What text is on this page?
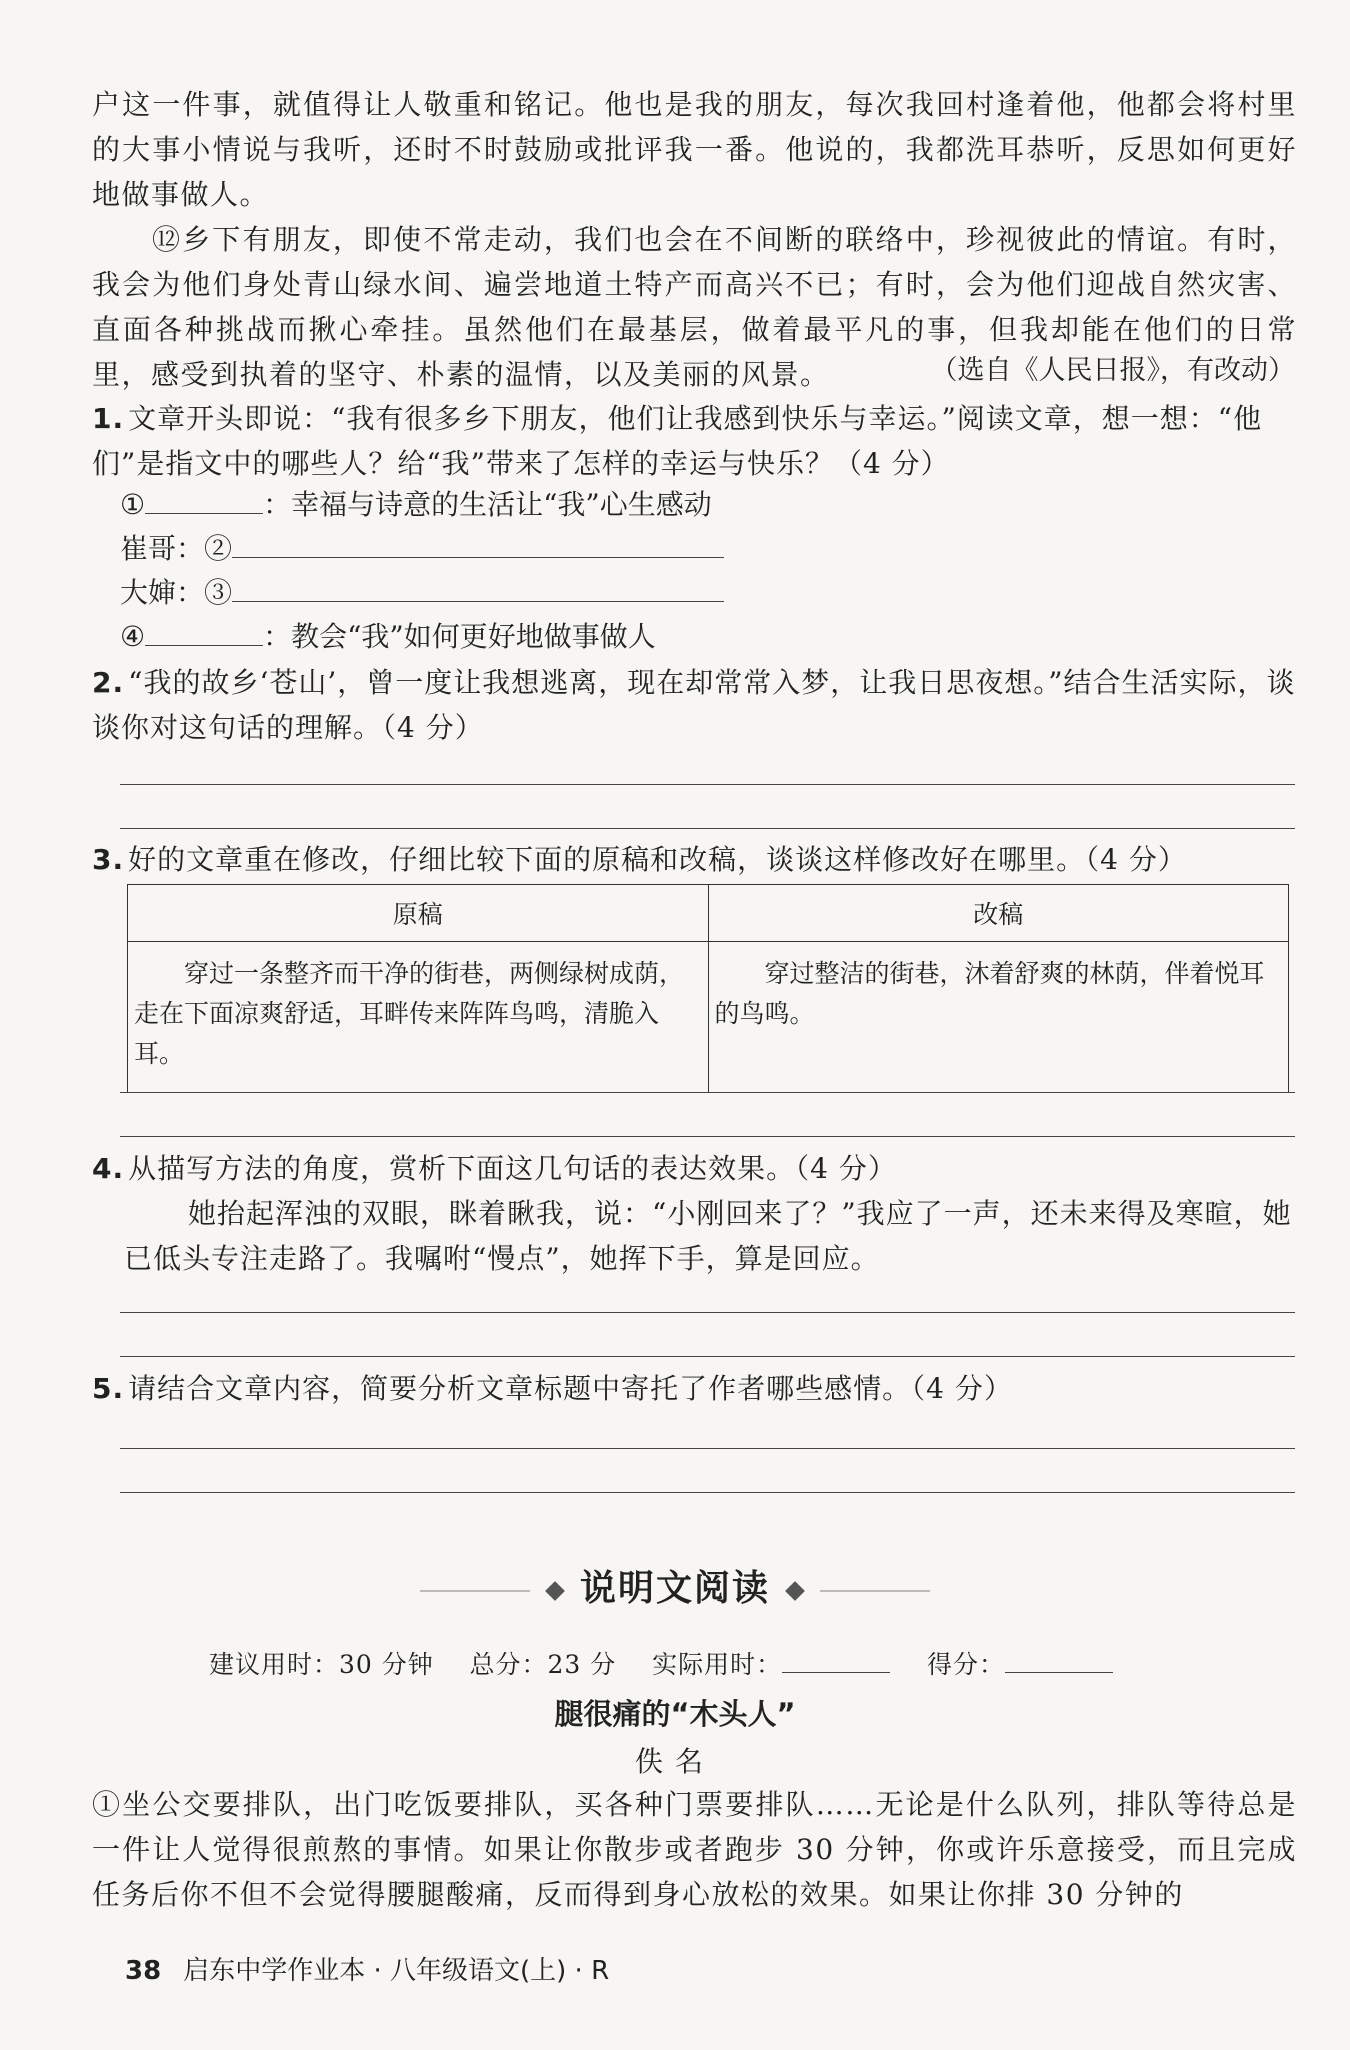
户这一件事，就值得让人敬重和铭记。他也是我的朋友，每次我回村逢着他，他都会将村里的大事小情说与我听，还时不时鼓励或批评我一番。他说的，我都洗耳恭听，反思如何更好地做事做人。

⑫乡下有朋友，即使不常走动，我们也会在不间断的联络中，珍视彼此的情谊。有时，我会为他们身处青山绿水间、遍尝地道土特产而高兴不已；有时，会为他们迎战自然灾害、直面各种挑战而揪心牵挂。虽然他们在最基层，做着最平凡的事，但我却能在他们的日常里，感受到执着的坚守、朴素的温情，以及美丽的风景。	（选自《人民日报》，有改动）

1. 文章开头即说：“我有很多乡下朋友，他们让我感到快乐与幸运。”阅读文章，想一想：“他们”是指文中的哪些人？给“我”带来了怎样的幸运与快乐？（4 分）

①	：幸福与诗意的生活让“我”心生感动
崔哥：②
大婶：③
④	：教会“我”如何更好地做事做人

2. “我的故乡‘苍山’，曾一度让我想逃离，现在却常常入梦，让我日思夜想。”结合生活实际，谈谈你对这句话的理解。（4 分）

3. 好的文章重在修改，仔细比较下面的原稿和改稿，谈谈这样修改好在哪里。（4 分）

原稿	改稿
穿过一条整齐而干净的街巷，两侧绿树成荫，走在下面凉爽舒适，耳畔传来阵阵鸟鸣，清脆入耳。	穿过整洁的街巷，沐着舒爽的林荫，伴着悦耳的鸟鸣。

4. 从描写方法的角度，赏析下面这几句话的表达效果。（4 分）

她抬起浑浊的双眼，眯着瞅我，说：“小刚回来了？”我应了一声，还未来得及寒暄，她已低头专注走路了。我嘱咐“慢点”，她挥下手，算是回应。

5. 请结合文章内容，简要分析文章标题中寄托了作者哪些感情。（4 分）

说明文阅读
建议用时：30 分钟 总分：23 分 实际用时：	得分：
腿很痛的“木头人”
佚名

①坐公交要排队，出门吃饭要排队，买各种门票要排队……无论是什么队列，排队等待总是一件让人觉得很煎熬的事情。如果让你散步或者跑步 30 分钟，你或许乐意接受，而且完成任务后你不但不会觉得腰腿酸痛，反而得到身心放松的效果。如果让你排 30 分钟的

38 启东中学作业本 · 八年级语文(上) · R
